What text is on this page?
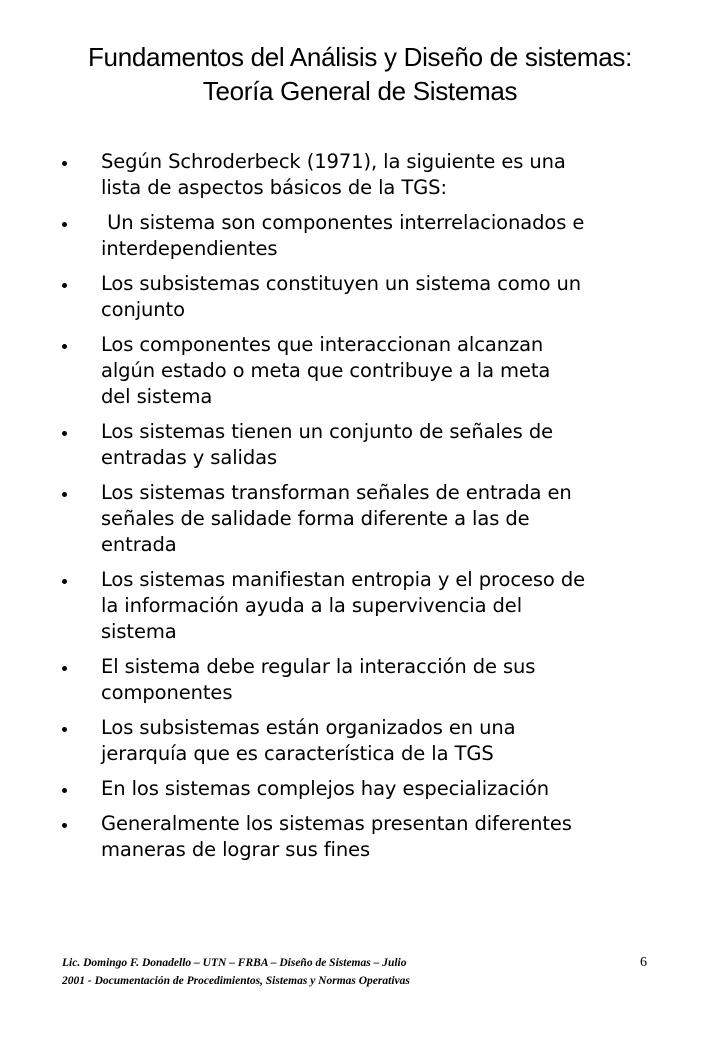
Fundamentos del Análisis y Diseño de sistemas:
Teoría General de Sistemas
Según Schroderbeck (1971), la siguiente es una
lista de aspectos básicos de la TGS:
Un sistema son componentes interrelacionados e
interdependientes
Los subsistemas constituyen un sistema como un
conjunto
Los componentes que interaccionan alcanzan
algún estado o meta que contribuye a la meta
del sistema
Los sistemas tienen un conjunto de señales de
entradas y salidas
Los sistemas transforman señales de entrada en
señales de salidade forma diferente a las de
entrada
Los sistemas manifiestan entropia y el proceso de
la información ayuda a la supervivencia del
sistema
El sistema debe regular la interacción de sus
componentes
Los subsistemas están organizados en una
jerarquía que es característica de la TGS
En los sistemas complejos hay especialización
Generalmente los sistemas presentan diferentes
maneras de lograr sus fines
Lic. Domingo F. Donadello – UTN – FRBA – Diseño de Sistemas – Julio
2001 - Documentación de Procedimientos, Sistemas y Normas Operativas
6
